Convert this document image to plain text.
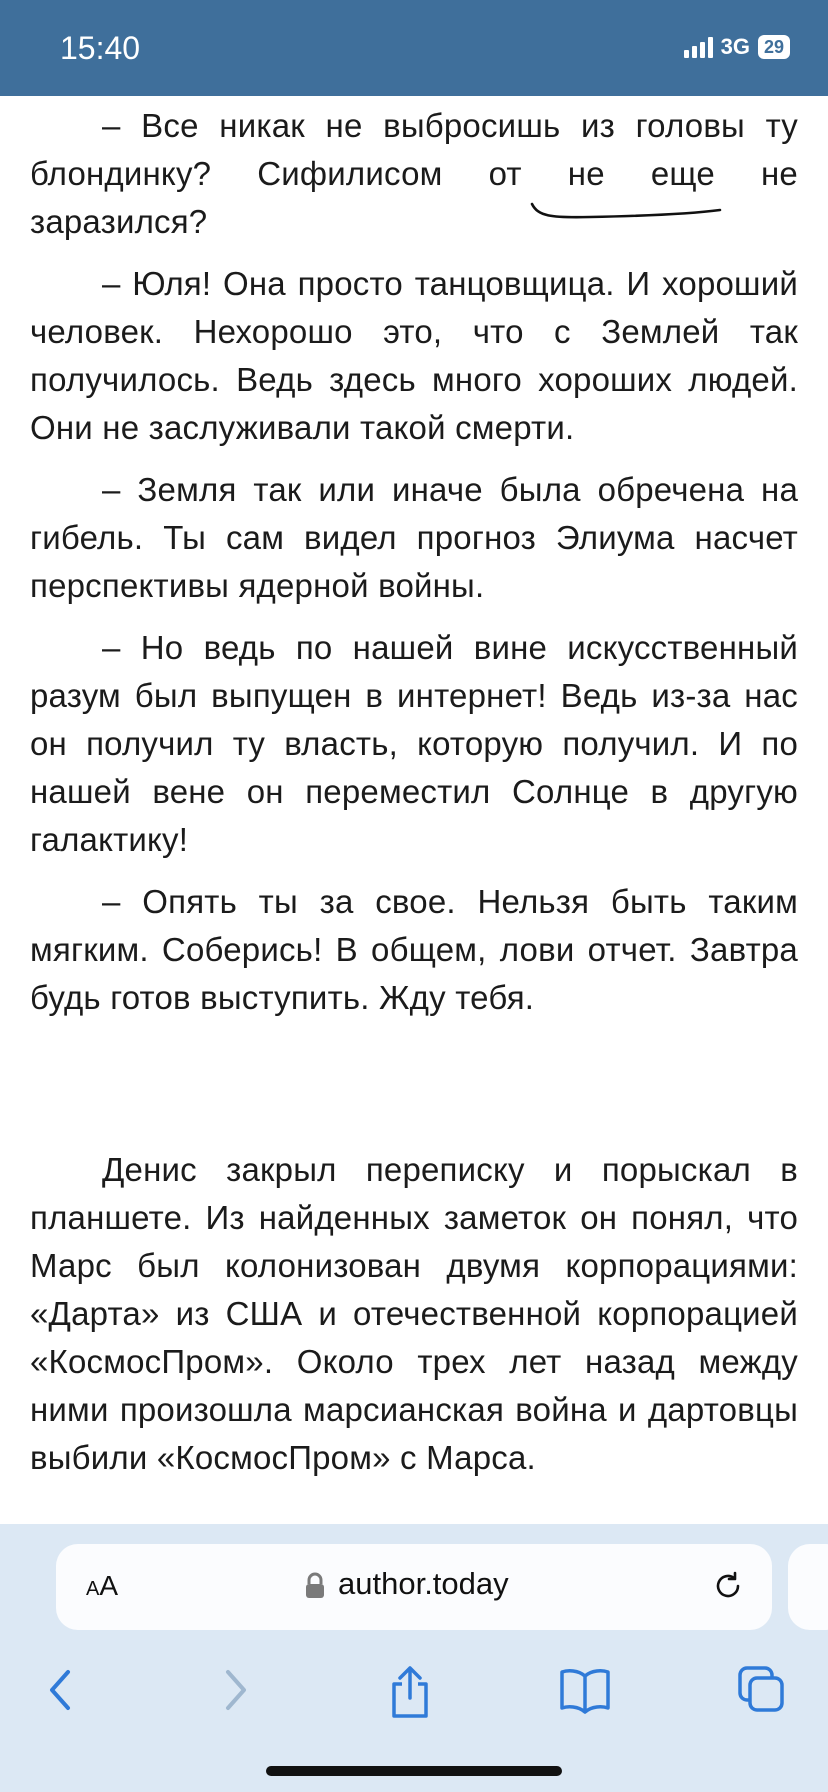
15:40	3G 29

– Все никак не выбросишь из головы ту блондинку? Сифилисом от не еще не заразился?

– Юля! Она просто танцовщица. И хороший человек. Нехорошо это, что с Землей так получилось. Ведь здесь много хороших людей. Они не заслуживали такой смерти.

– Земля так или иначе была обречена на гибель. Ты сам видел прогноз Элиума насчет перспективы ядерной войны.

– Но ведь по нашей вине искусственный разум был выпущен в интернет! Ведь из-за нас он получил ту власть, которую получил. И по нашей вене он переместил Солнце в другую галактику!

– Опять ты за свое. Нельзя быть таким мягким. Соберись! В общем, лови отчет. Завтра будь готов выступить. Жду тебя.

Денис закрыл переписку и порыскал в планшете. Из найденных заметок он понял, что Марс был колонизован двумя корпорациями: «Дарта» из США и отечественной корпорацией «КосмосПром». Около трех лет назад между ними произошла марсианская война и дартовцы выбили «КосмосПром» с Марса.

AA	author.today
